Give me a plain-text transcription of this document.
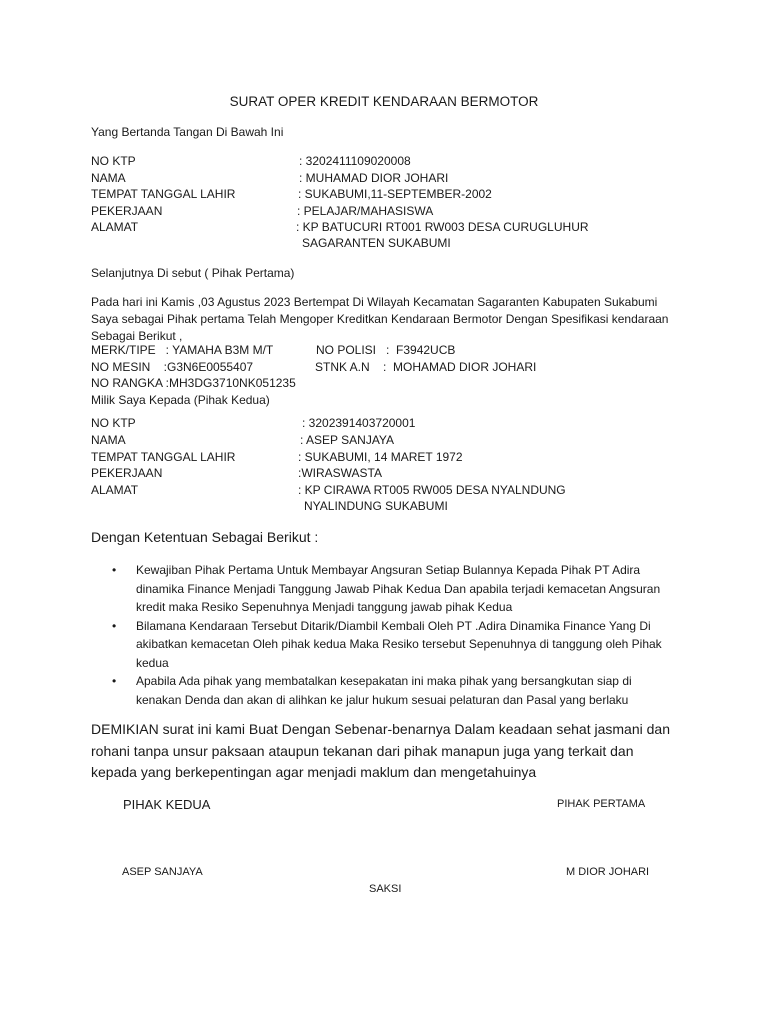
SURAT OPER KREDIT KENDARAAN BERMOTOR
Yang Bertanda Tangan Di Bawah Ini
NO KTP	: 3202411109020008
NAMA	: MUHAMAD DIOR JOHARI
TEMPAT TANGGAL LAHIR	: SUKABUMI,11-SEPTEMBER-2002
PEKERJAAN	: PELAJAR/MAHASISWA
ALAMAT	: KP BATUCURI RT001 RW003 DESA CURUGLUHUR
SAGARANTEN SUKABUMI
Selanjutnya Di sebut ( Pihak Pertama)
Pada hari ini Kamis ,03 Agustus 2023 Bertempat Di Wilayah Kecamatan Sagaranten Kabupaten Sukabumi Saya sebagai Pihak pertama Telah Mengoper Kreditkan Kendaraan Bermotor Dengan Spesifikasi kendaraan Sebagai Berikut ,
MERK/TIPE   : YAMAHA B3M M/T	NO POLISI   :  F3942UCB
NO MESIN    :G3N6E0055407	STNK A.N    :  MOHAMAD DIOR JOHARI
NO RANGKA :MH3DG3710NK051235
Milik Saya Kepada (Pihak Kedua)
NO KTP	: 3202391403720001
NAMA	: ASEP SANJAYA
TEMPAT TANGGAL LAHIR	: SUKABUMI, 14 MARET 1972
PEKERJAAN	:WIRASWASTA
ALAMAT	: KP CIRAWA RT005 RW005 DESA NYALNDUNG
NYALINDUNG SUKABUMI
Dengan Ketentuan Sebagai Berikut :
• Kewajiban Pihak Pertama Untuk Membayar Angsuran Setiap Bulannya Kepada Pihak PT Adira dinamika Finance Menjadi Tanggung Jawab Pihak Kedua Dan apabila terjadi kemacetan Angsuran kredit maka Resiko Sepenuhnya Menjadi tanggung jawab pihak Kedua
• Bilamana Kendaraan Tersebut Ditarik/Diambil Kembali Oleh PT .Adira Dinamika Finance Yang Di akibatkan kemacetan Oleh pihak kedua Maka Resiko tersebut Sepenuhnya di tanggung oleh Pihak kedua
• Apabila Ada pihak yang membatalkan kesepakatan ini maka pihak yang bersangkutan siap di kenakan Denda dan akan di alihkan ke jalur hukum sesuai pelaturan dan Pasal yang berlaku
DEMIKIAN surat ini kami Buat Dengan Sebenar-benarnya Dalam keadaan sehat jasmani dan rohani tanpa unsur paksaan ataupun tekanan dari pihak manapun juga yang terkait dan kepada yang berkepentingan agar menjadi maklum dan mengetahuinya
PIHAK KEDUA	PIHAK PERTAMA
ASEP SANJAYA	M DIOR JOHARI
SAKSI
